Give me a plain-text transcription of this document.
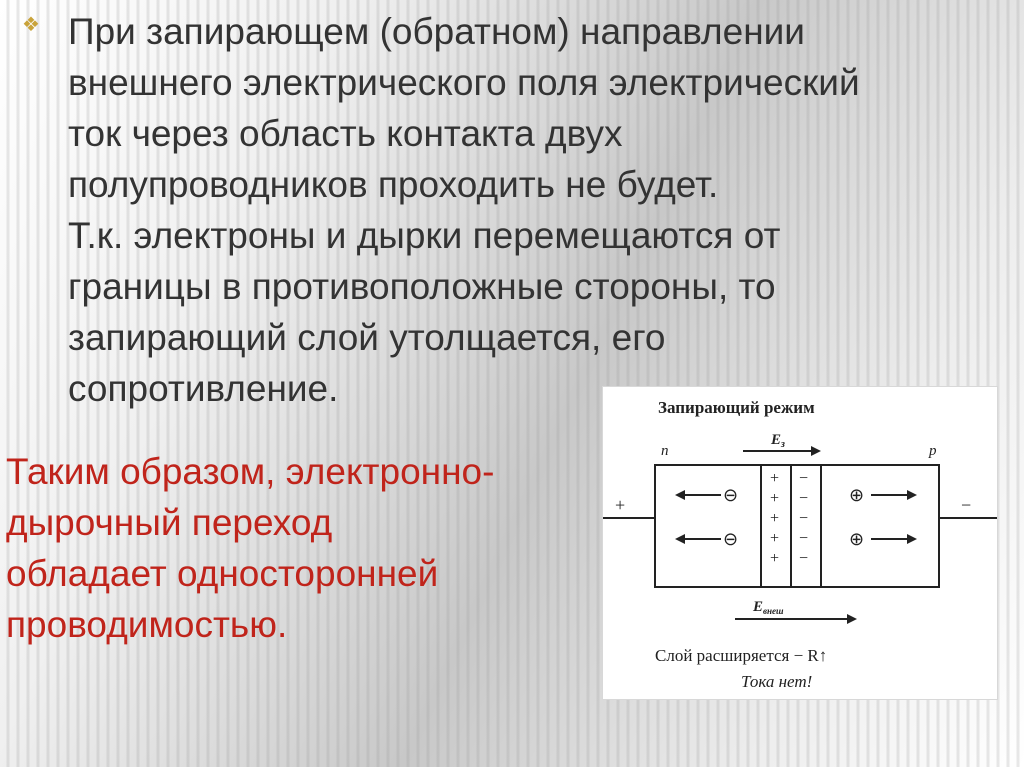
❖ При запирающем (обратном) направлении
внешнего электрического поля электрический
ток через область контакта двух
полупроводников проходить не будет.
Т.к. электроны и дырки перемещаются от
границы в противоположные стороны, то
запирающий слой утолщается, его
сопротивление.

Таким образом, электронно-
дырочный переход
обладает односторонней
проводимостью.

Запирающий режим
n	p
$E_з$
+	−
⊖
⊖
+
+
+
+
+
−
−
−
−
−
⊕
⊕
$E_{внеш}$
Слой расширяется − R↑
Тока нет!
